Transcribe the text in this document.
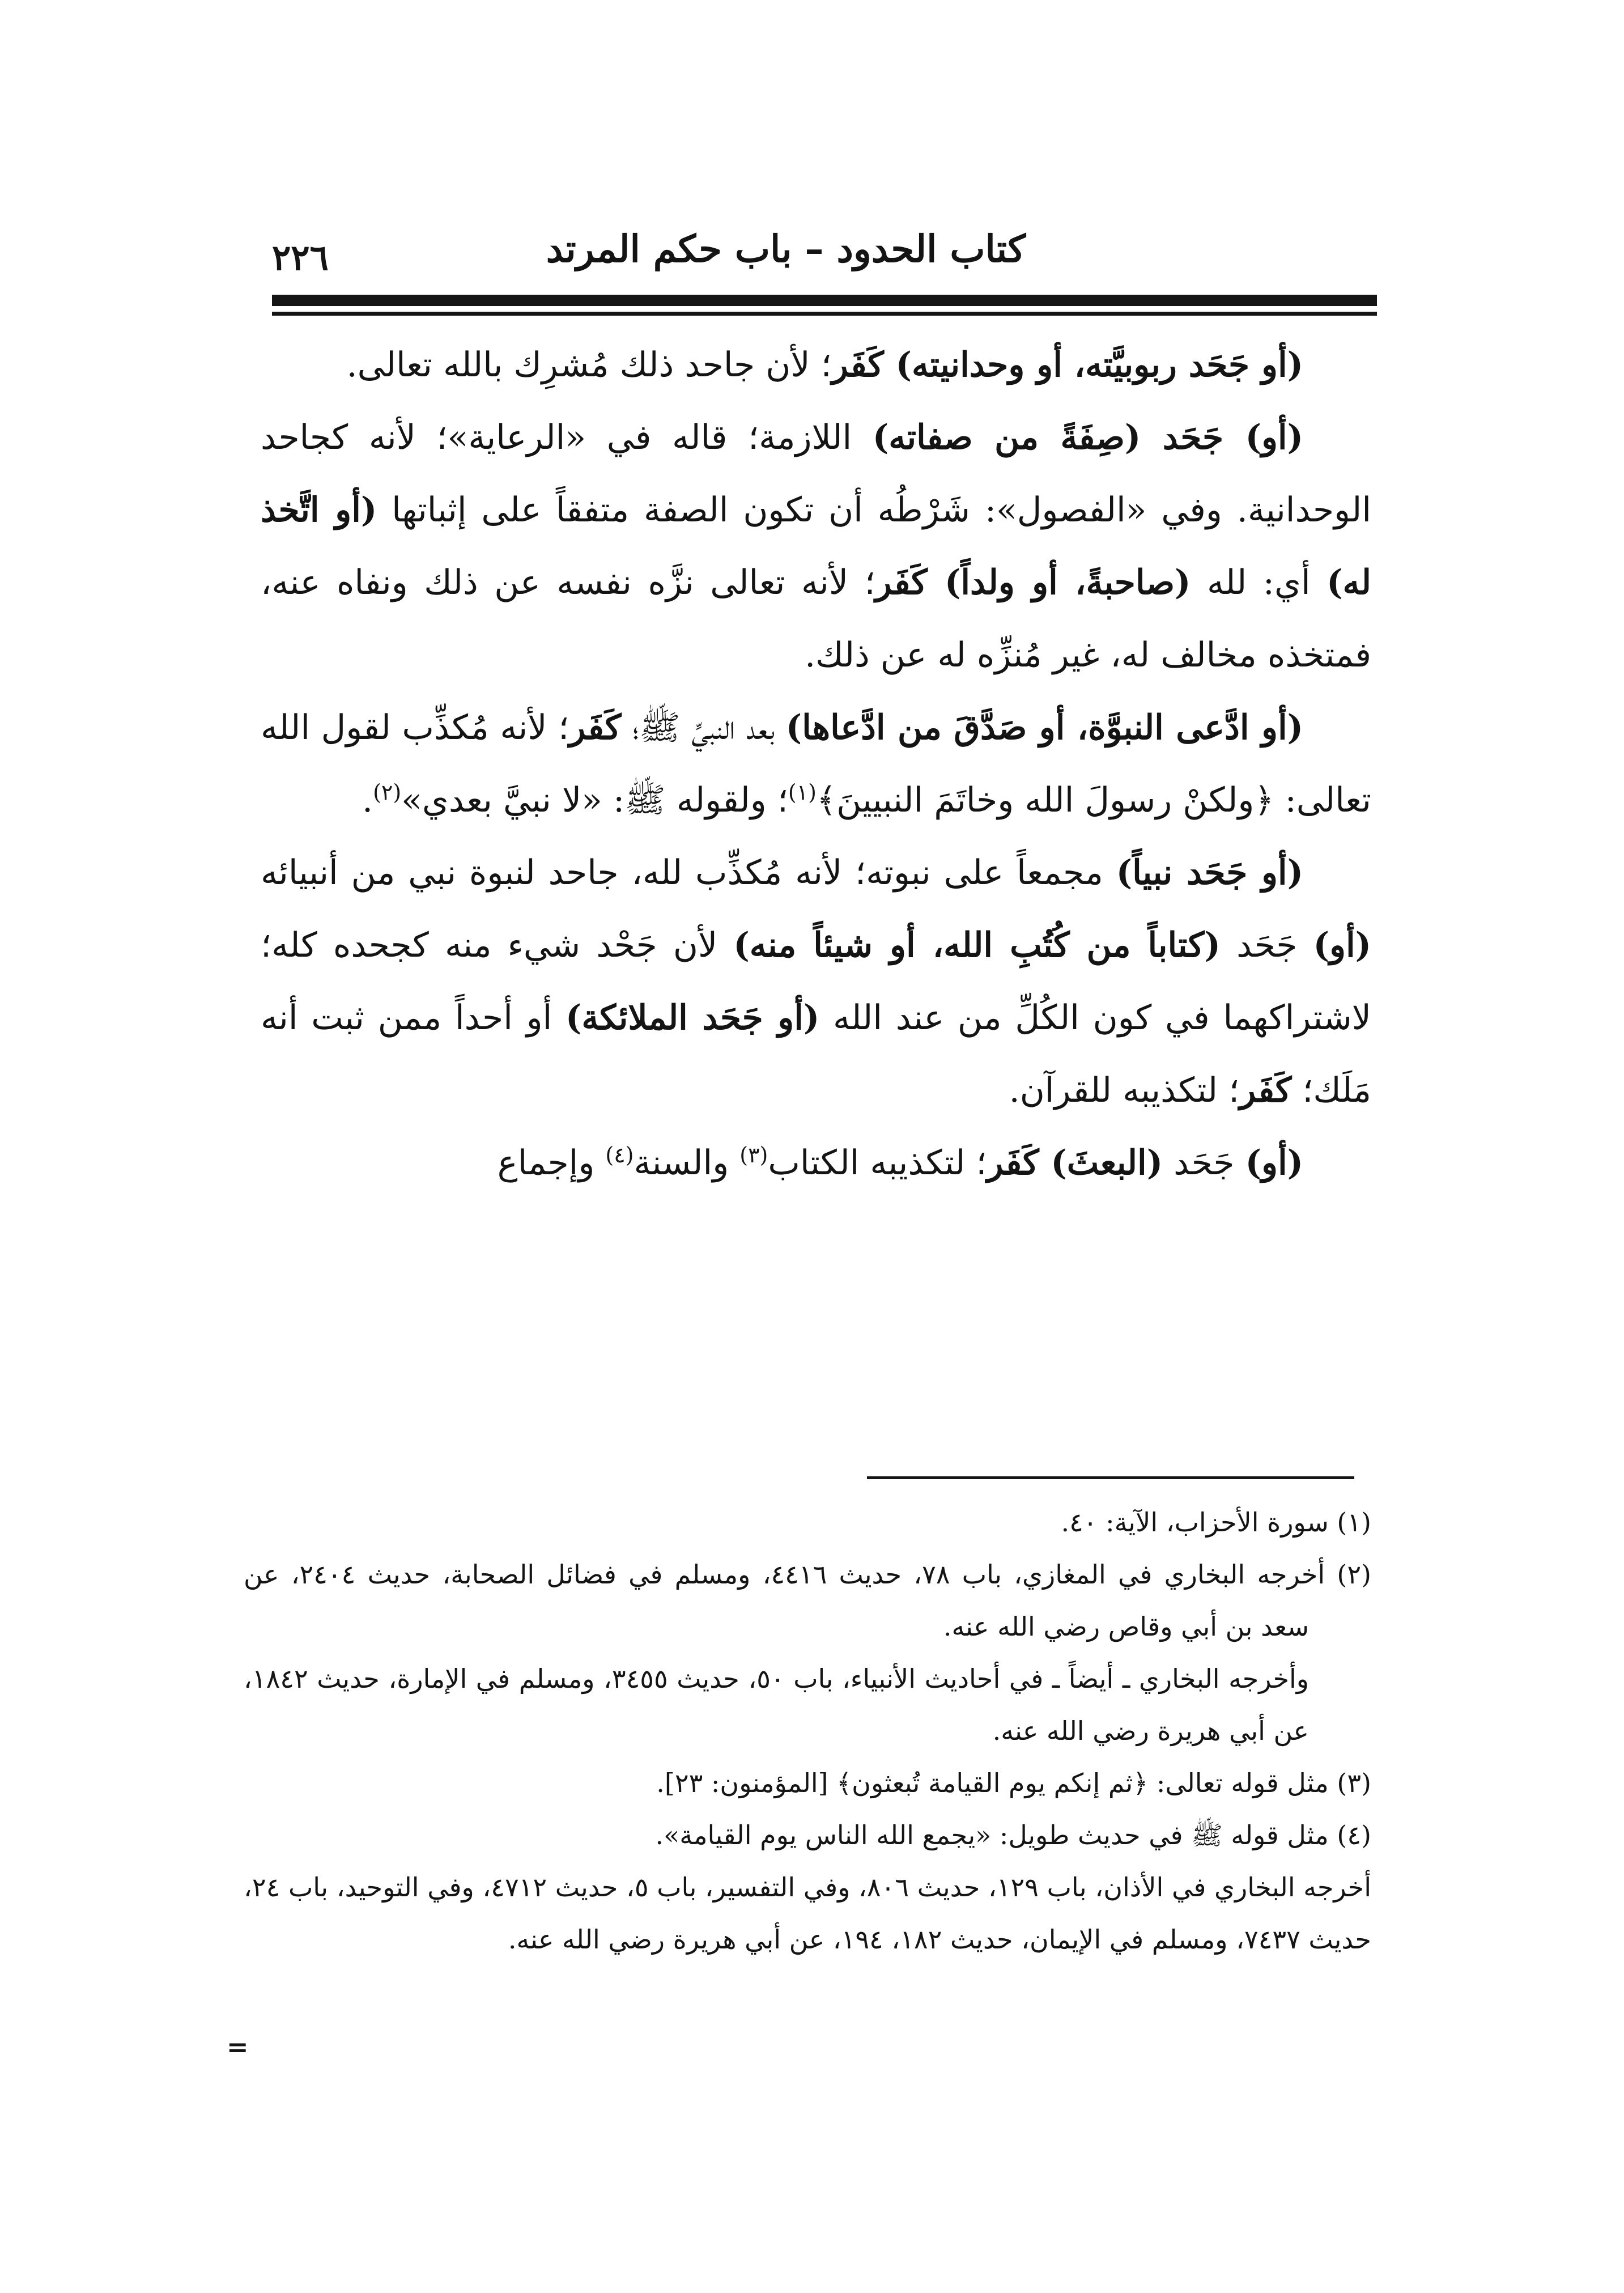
كتاب الحدود – باب حكم المرتد
٢٢٦

(أو جَحَد ربوبيَّته، أو وحدانيته) كَفَر؛ لأن جاحد ذلك مُشرِك بالله تعالى.

(أو) جَحَد (صِفَةً من صفاته) اللازمة؛ قاله في «الرعاية»؛ لأنه كجاحد الوحدانية. وفي «الفصول»: شَرْطُه أن تكون الصفة متفقاً على إثباتها (أو اتَّخذ له) أي: لله (صاحبةً، أو ولداً) كَفَر؛ لأنه تعالى نزَّه نفسه عن ذلك ونفاه عنه، فمتخذه مخالف له، غير مُنزِّه له عن ذلك.

(أو ادَّعى النبوَّة، أو صَدَّقَ من ادَّعاها) بعد النبيِّ ﷺ؛ كَفَر؛ لأنه مُكذِّب لقول الله تعالى: ﴿ولكنْ رسولَ الله وخاتَمَ النبيينَ﴾$^{(١)}$؛ ولقوله ﷺ: «لا نبيَّ بعدي»$^{(٢)}$.

(أو جَحَد نبياً) مجمعاً على نبوته؛ لأنه مُكذِّب لله، جاحد لنبوة نبي من أنبيائه (أو) جَحَد (كتاباً من كُتُبِ الله، أو شيئاً منه) لأن جَحْد شيء منه كجحده كله؛ لاشتراكهما في كون الكُلِّ من عند الله (أو جَحَد الملائكة) أو أحداً ممن ثبت أنه مَلَك؛ كَفَر؛ لتكذيبه للقرآن.

(أو) جَحَد (البعثَ) كَفَر؛ لتكذيبه الكتاب$^{(٣)}$ والسنة$^{(٤)}$ وإجماع

(١) سورة الأحزاب، الآية: ٤٠.

(٢) أخرجه البخاري في المغازي، باب ٧٨، حديث ٤٤١٦، ومسلم في فضائل الصحابة، حديث ٢٤٠٤، عن سعد بن أبي وقاص رضي الله عنه.

وأخرجه البخاري ـ أيضاً ـ في أحاديث الأنبياء، باب ٥٠، حديث ٣٤٥٥، ومسلم في الإمارة، حديث ١٨٤٢، عن أبي هريرة رضي الله عنه.

(٣) مثل قوله تعالى: ﴿ثم إنكم يوم القيامة تُبعثون﴾ [المؤمنون: ٢٣].

(٤) مثل قوله ﷺ في حديث طويل: «يجمع الله الناس يوم القيامة».

أخرجه البخاري في الأذان، باب ١٢٩، حديث ٨٠٦، وفي التفسير، باب ٥، حديث ٤٧١٢، وفي التوحيد، باب ٢٤، حديث ٧٤٣٧، ومسلم في الإيمان، حديث ١٨٢، ١٩٤، عن أبي هريرة رضي الله عنه.

=
